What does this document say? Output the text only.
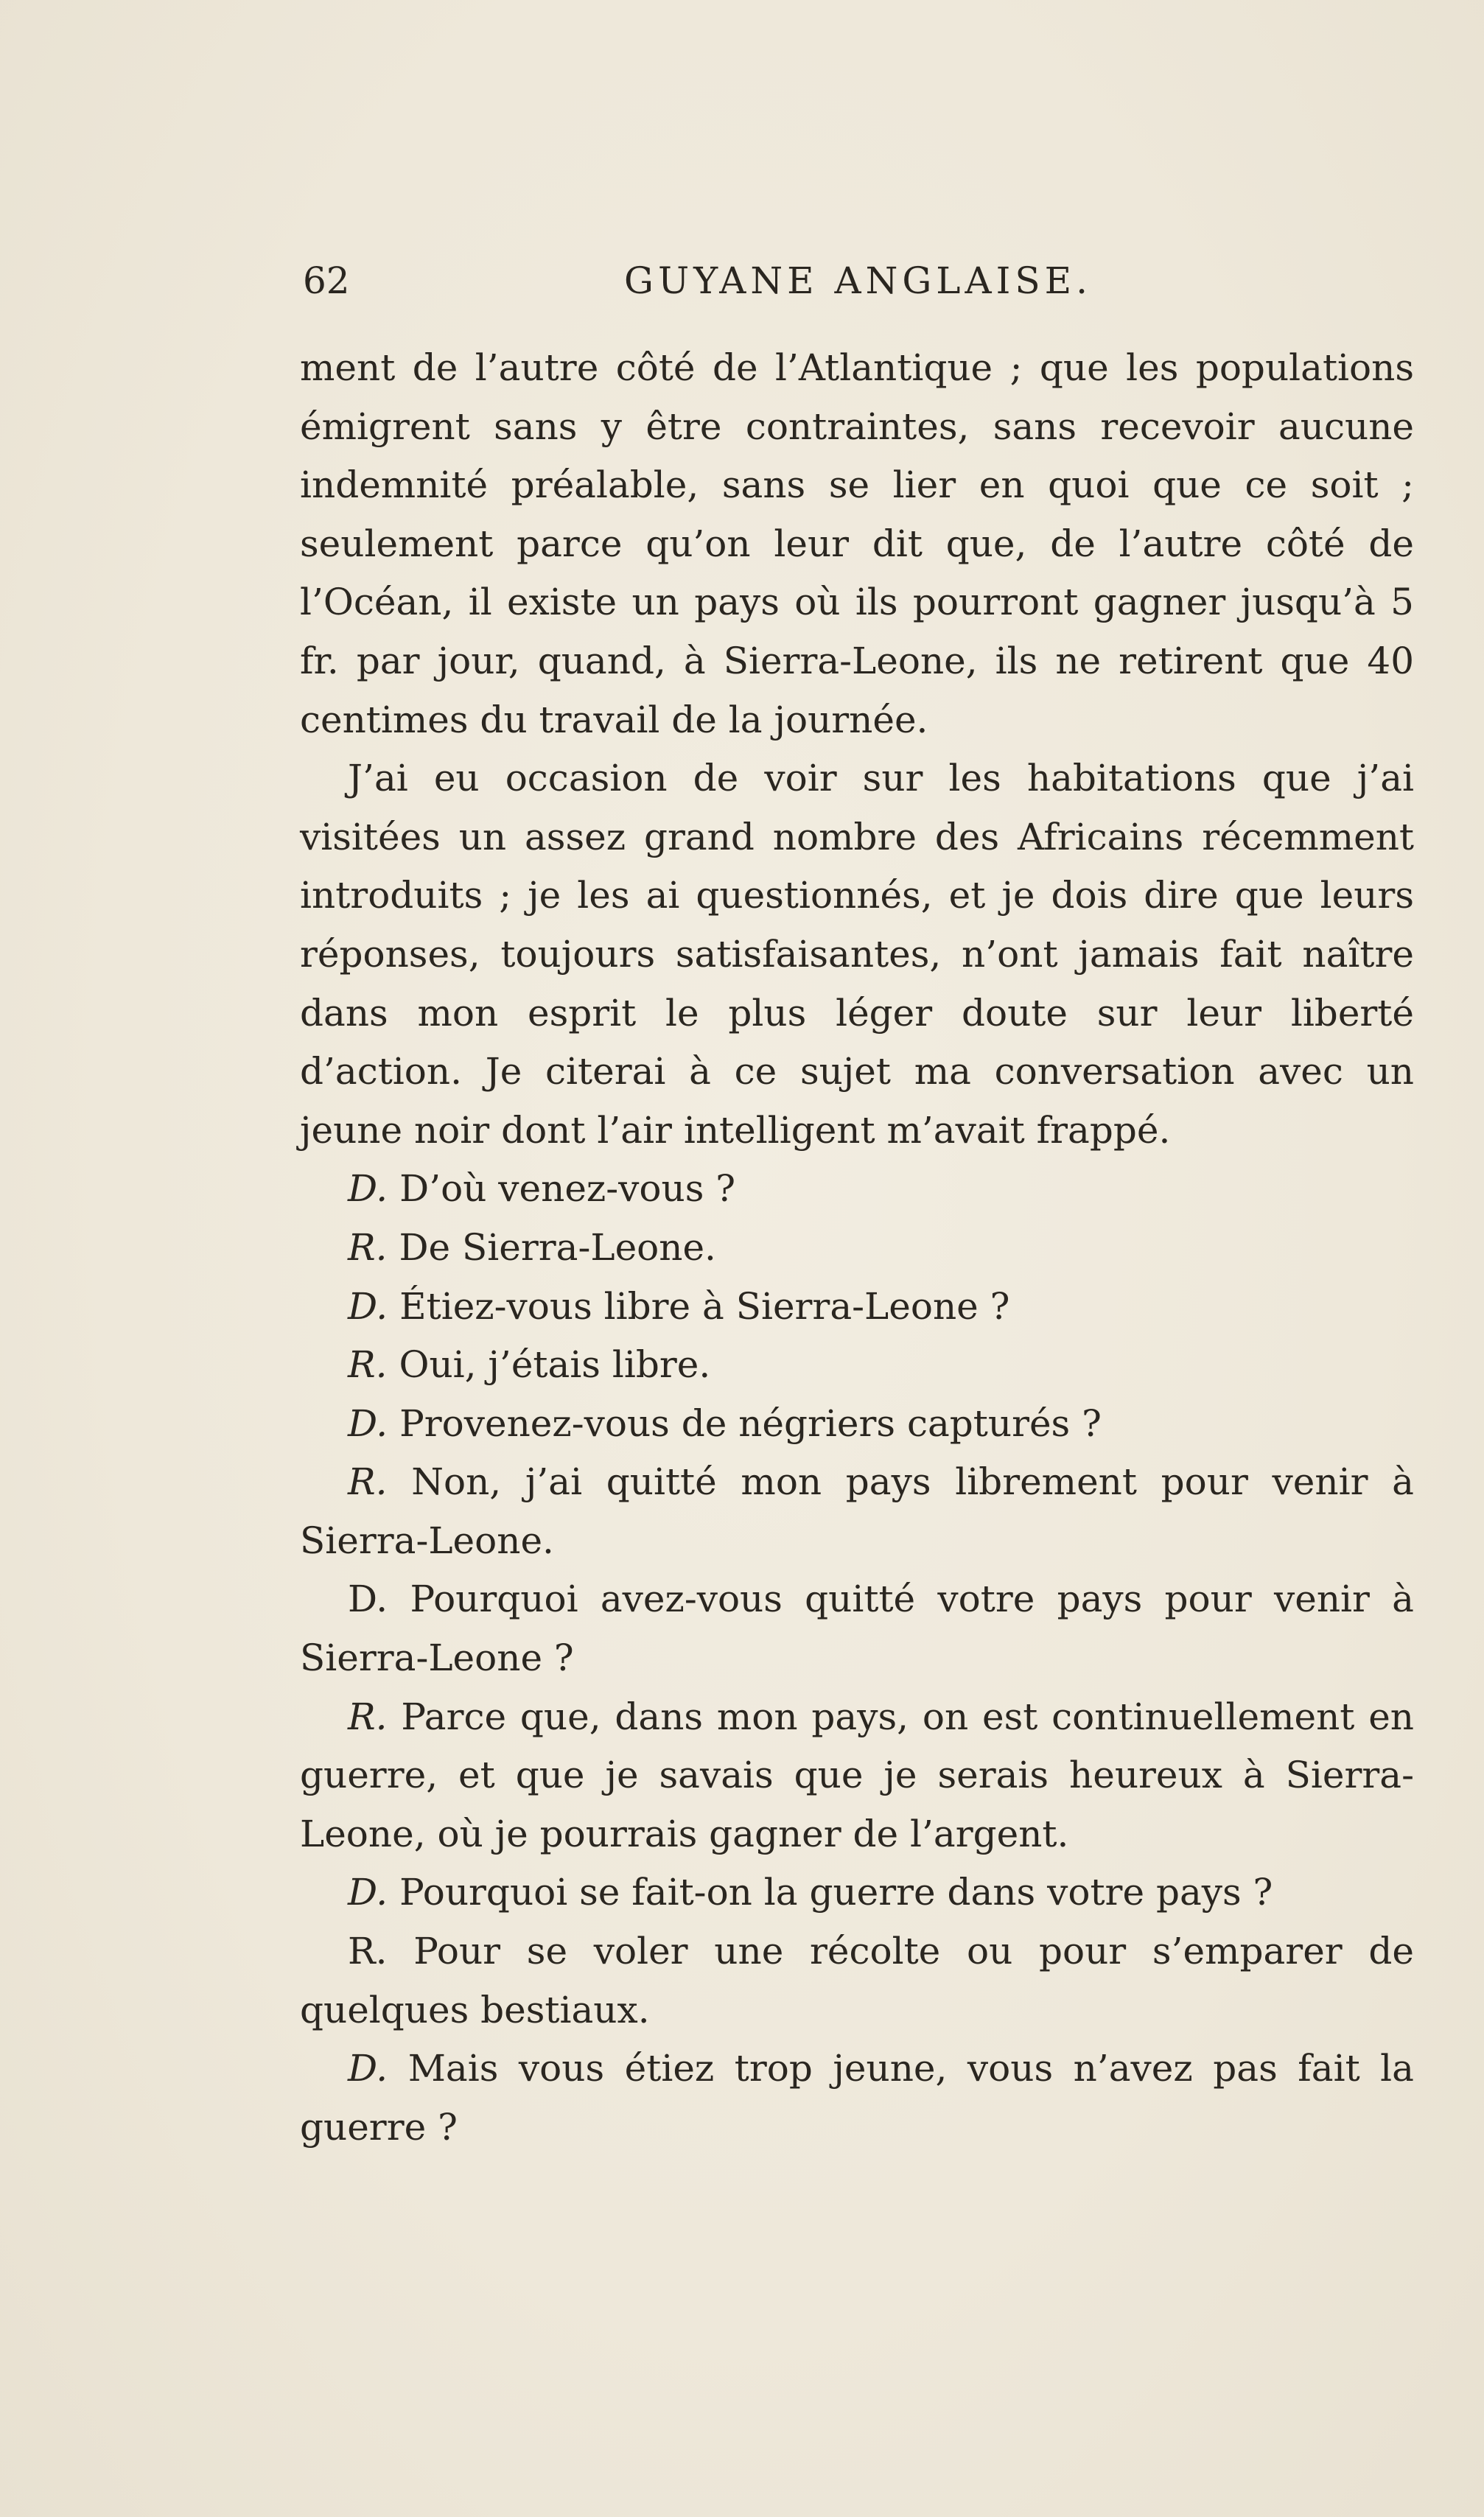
62	GUYANE ANGLAISE.

ment de l’autre côté de l’Atlantique ; que les populations émigrent sans y être contraintes, sans recevoir aucune indemnité préalable, sans se lier en quoi que ce soit ; seulement parce qu’on leur dit que, de l’autre côté de l’Océan, il existe un pays où ils pourront gagner jusqu’à 5 fr. par jour, quand, à Sierra-Leone, ils ne retirent que 40 centimes du travail de la journée.

J’ai eu occasion de voir sur les habitations que j’ai visitées un assez grand nombre des Africains récemment introduits ; je les ai questionnés, et je dois dire que leurs réponses, toujours satisfaisantes, n’ont jamais fait naître dans mon esprit le plus léger doute sur leur liberté d’action. Je citerai à ce sujet ma conversation avec un jeune noir dont l’air intelligent m’avait frappé.

D. D’où venez-vous ?

R. De Sierra-Leone.

D. Étiez-vous libre à Sierra-Leone ?

R. Oui, j’étais libre.

D. Provenez-vous de négriers capturés ?

R. Non, j’ai quitté mon pays librement pour venir à Sierra-Leone.

D. Pourquoi avez-vous quitté votre pays pour venir à Sierra-Leone ?

R. Parce que, dans mon pays, on est continuellement en guerre, et que je savais que je serais heureux à Sierra-Leone, où je pourrais gagner de l’argent.

D. Pourquoi se fait-on la guerre dans votre pays ?

R. Pour se voler une récolte ou pour s’emparer de quelques bestiaux.

D. Mais vous étiez trop jeune, vous n’avez pas fait la guerre ?
